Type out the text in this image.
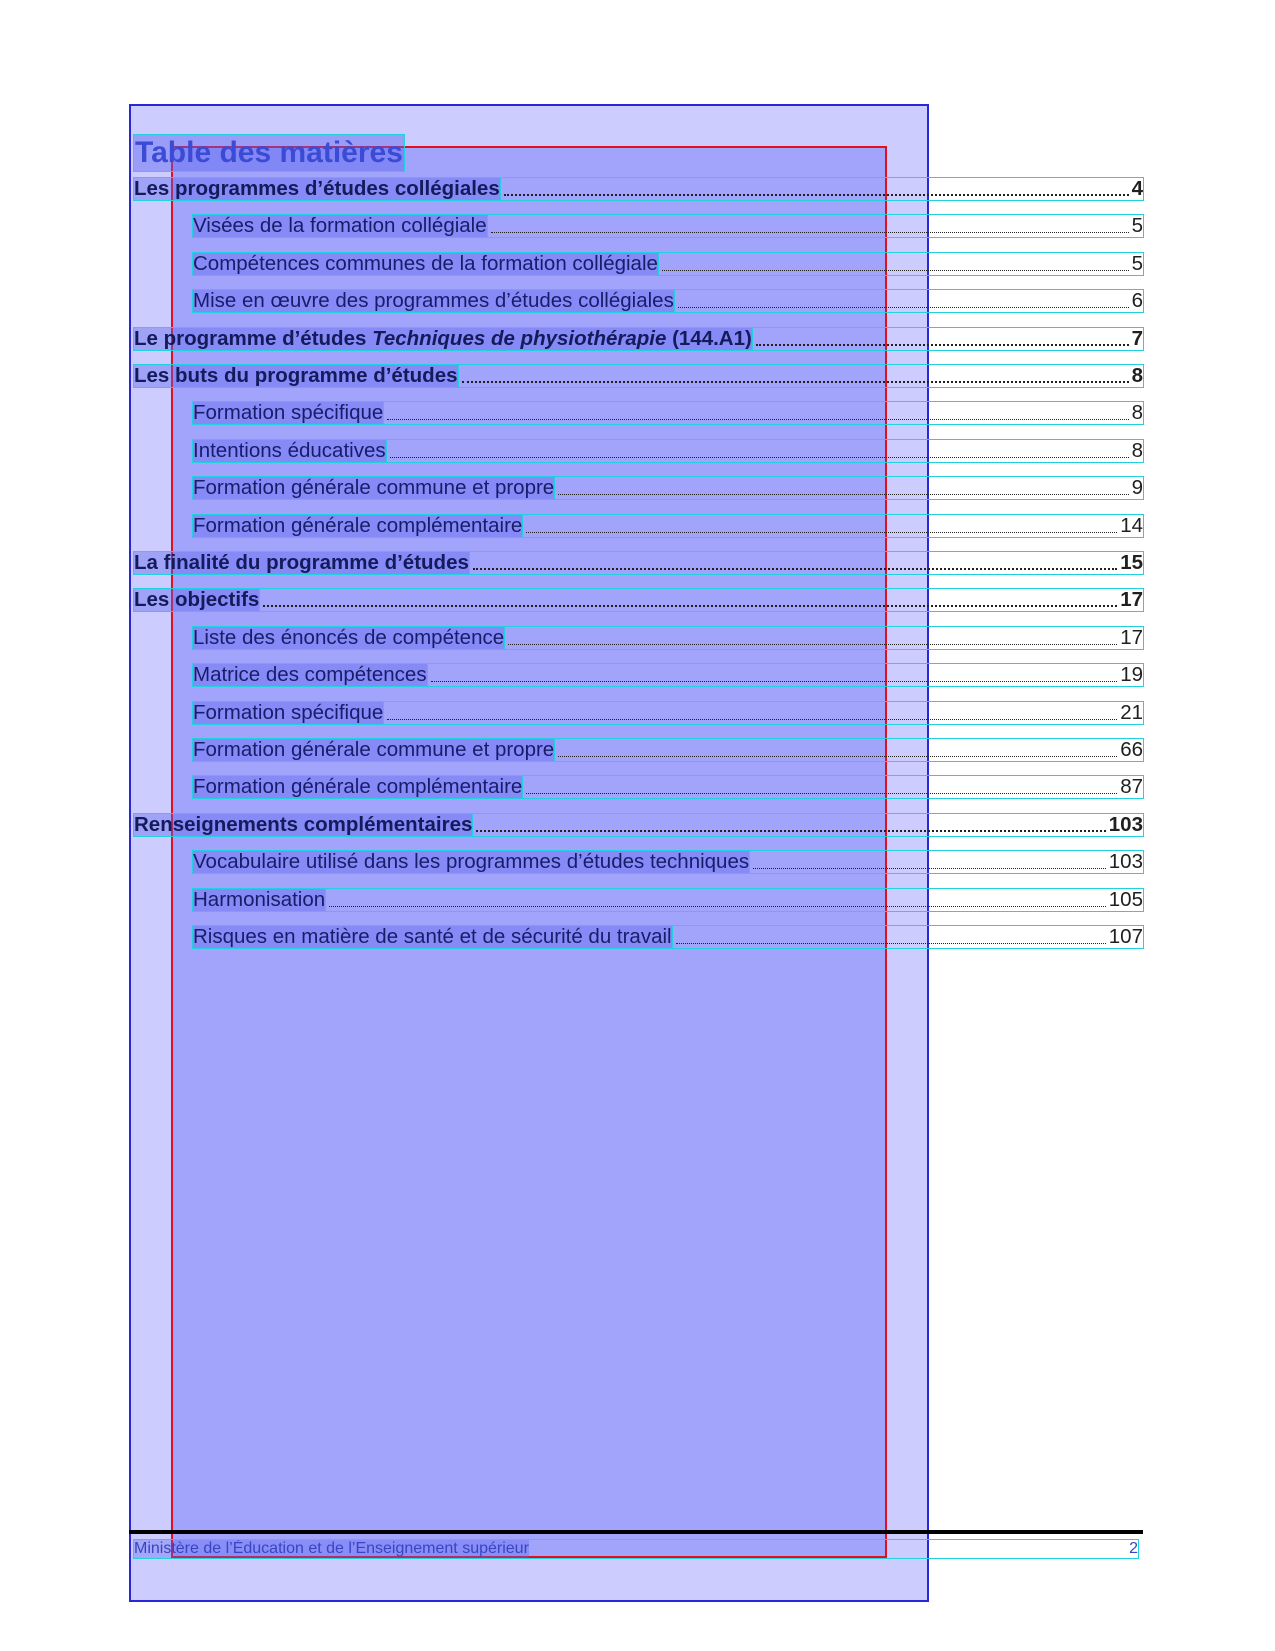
Table des matières
Les programmes d’études collégiales	4
Visées de la formation collégiale	5
Compétences communes de la formation collégiale	5
Mise en œuvre des programmes d’études collégiales	6
Le programme d’études Techniques de physiothérapie (144.A1)	7
Les buts du programme d’études	8
Formation spécifique	8
Intentions éducatives	8
Formation générale commune et propre	9
Formation générale complémentaire	14
La finalité du programme d’études	15
Les objectifs	17
Liste des énoncés de compétence	17
Matrice des compétences	19
Formation spécifique	21
Formation générale commune et propre	66
Formation générale complémentaire	87
Renseignements complémentaires	103
Vocabulaire utilisé dans les programmes d’études techniques	103
Harmonisation	105
Risques en matière de santé et de sécurité du travail	107
Ministère de l’Éducation et de l’Enseignement supérieur	2
